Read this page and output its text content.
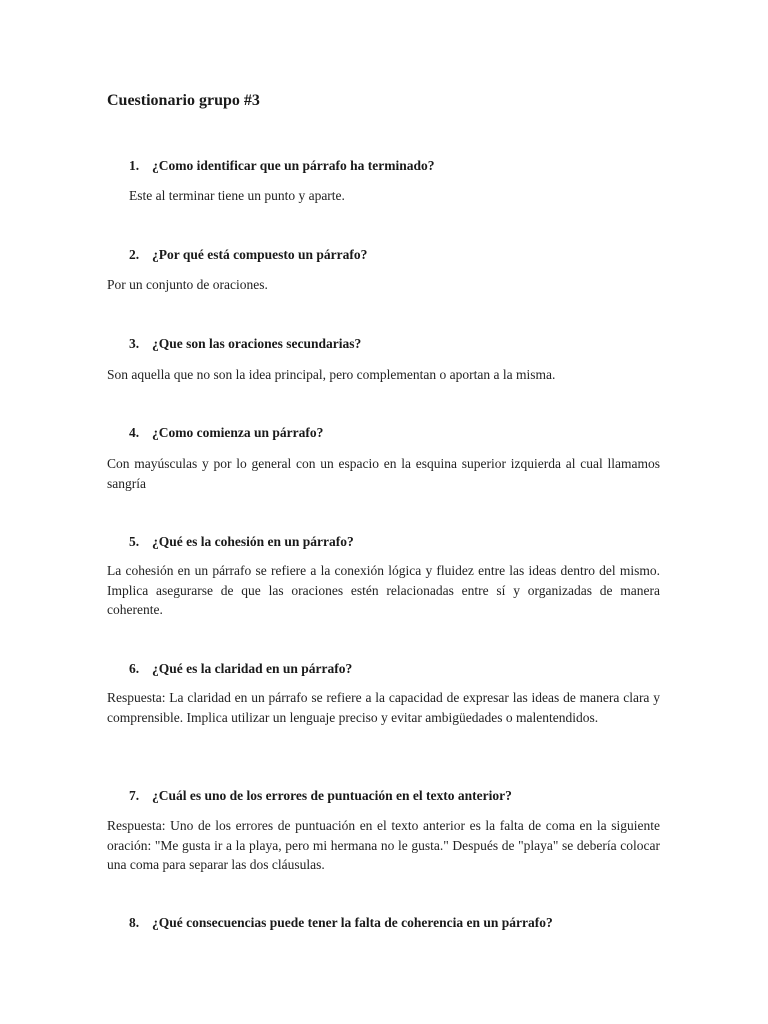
Cuestionario grupo #3
1. ¿Como identificar que un párrafo ha terminado?
Este al terminar tiene un punto y aparte.
2. ¿Por qué está compuesto un párrafo?
Por un conjunto de oraciones.
3. ¿Que son las oraciones secundarias?
Son aquella que no son la idea principal, pero complementan o aportan a la misma.
4. ¿Como comienza un párrafo?
Con mayúsculas y por lo general con un espacio en la esquina superior izquierda al cual llamamos sangría
5. ¿Qué es la cohesión en un párrafo?
La cohesión en un párrafo se refiere a la conexión lógica y fluidez entre las ideas dentro del mismo. Implica asegurarse de que las oraciones estén relacionadas entre sí y organizadas de manera coherente.
6. ¿Qué es la claridad en un párrafo?
Respuesta: La claridad en un párrafo se refiere a la capacidad de expresar las ideas de manera clara y comprensible. Implica utilizar un lenguaje preciso y evitar ambigüedades o malentendidos.
7. ¿Cuál es uno de los errores de puntuación en el texto anterior?
Respuesta: Uno de los errores de puntuación en el texto anterior es la falta de coma en la siguiente oración: "Me gusta ir a la playa, pero mi hermana no le gusta." Después de "playa" se debería colocar una coma para separar las dos cláusulas.
8. ¿Qué consecuencias puede tener la falta de coherencia en un párrafo?
